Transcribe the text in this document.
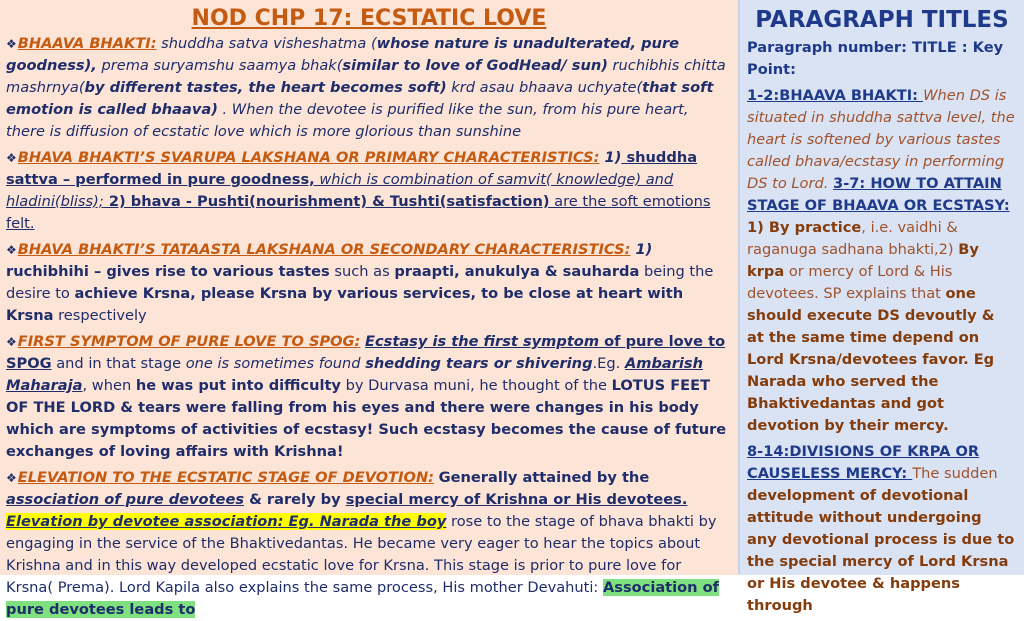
NOD CHP 17: ECSTATIC LOVE

❖BHAAVA BHAKTI: shuddha satva visheshatma (whose nature is unadulterated, pure goodness), prema suryamshu saamya bhak(similar to love of GodHead/ sun) ruchibhis chitta mashrnya(by different tastes, the heart becomes soft) krd asau bhaava uchyate(that soft emotion is called bhaava) . When the devotee is purified like the sun, from his pure heart, there is diffusion of ecstatic love which is more glorious than sunshine

❖BHAVA BHAKTI’S SVARUPA LAKSHANA OR PRIMARY CHARACTERISTICS: 1) shuddha sattva – performed in pure goodness, which is combination of samvit( knowledge) and hladini(bliss); 2) bhava - Pushti(nourishment) & Tushti(satisfaction) are the soft emotions felt.

❖BHAVA BHAKTI’S TATAASTA LAKSHANA OR SECONDARY CHARACTERISTICS: 1) ruchibhihi – gives rise to various tastes such as praapti, anukulya & sauharda being the desire to achieve Krsna, please Krsna by various services, to be close at heart with Krsna respectively

❖FIRST SYMPTOM OF PURE LOVE TO SPOG: Ecstasy is the first symptom of pure love to SPOG and in that stage one is sometimes found shedding tears or shivering.Eg. Ambarish Maharaja, when he was put into difficulty by Durvasa muni, he thought of the LOTUS FEET OF THE LORD & tears were falling from his eyes and there were changes in his body which are symptoms of activities of ecstasy! Such ecstasy becomes the cause of future exchanges of loving affairs with Krishna!

❖ELEVATION TO THE ECSTATIC STAGE OF DEVOTION: Generally attained by the association of pure devotees & rarely by special mercy of Krishna or His devotees. Elevation by devotee association: Eg. Narada the boy rose to the stage of bhava bhakti by engaging in the service of the Bhaktivedantas. He became very eager to hear the topics about Krishna and in this way developed ecstatic love for Krsna. This stage is prior to pure love for Krsna( Prema). Lord Kapila also explains the same process, His mother Devahuti: Association of pure devotees leads to

PARAGRAPH TITLES

Paragraph number: TITLE : Key Point:

1-2:BHAAVA BHAKTI: When DS is situated in shuddha sattva level, the heart is softened by various tastes called bhava/ecstasy in performing DS to Lord. 3-7: HOW TO ATTAIN STAGE OF BHAAVA OR ECSTASY: 1) By practice, i.e. vaidhi & raganuga sadhana bhakti,2) By krpa or mercy of Lord & His devotees. SP explains that one should execute DS devoutly & at the same time depend on Lord Krsna/devotees favor. Eg Narada who served the Bhaktivedantas and got devotion by their mercy.

8-14:DIVISIONS OF KRPA OR CAUSELESS MERCY: The sudden development of devotional attitude without undergoing any devotional process is due to the special mercy of Lord Krsna or His devotee & happens through
